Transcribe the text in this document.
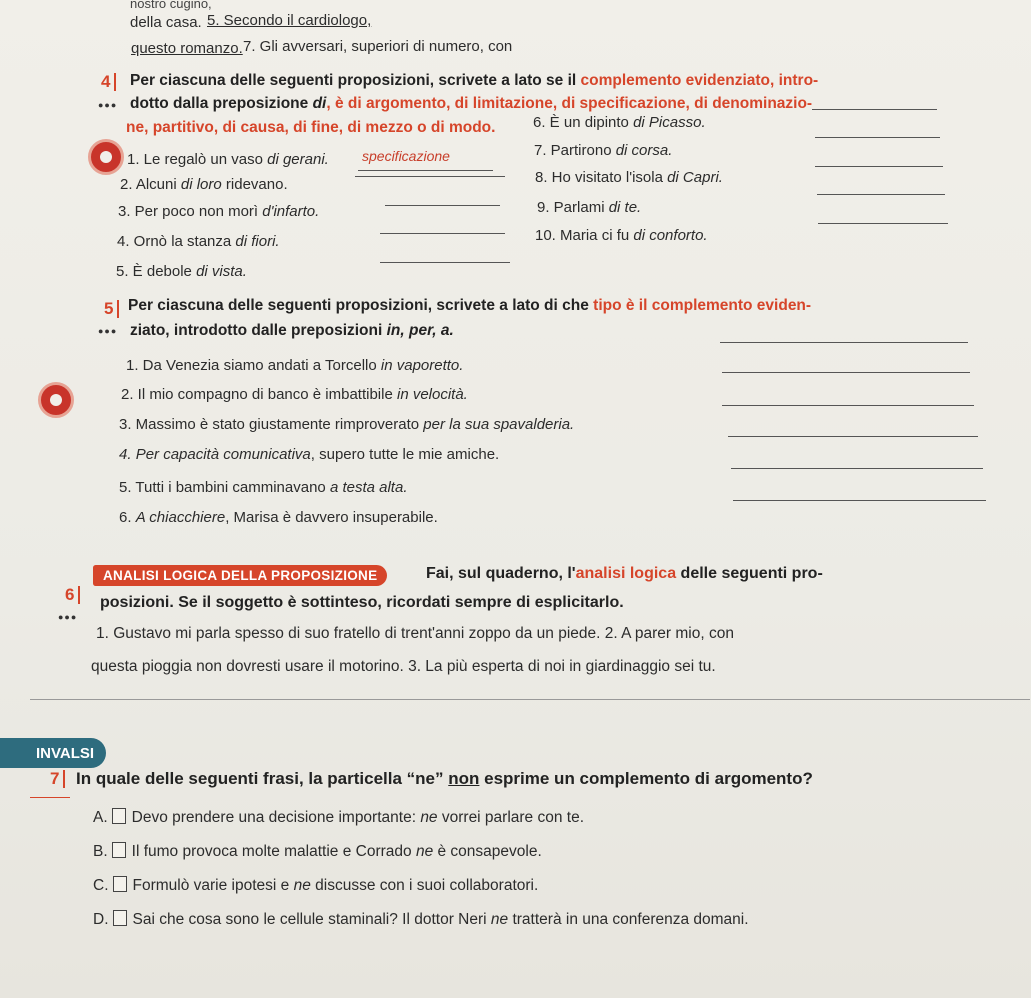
nostro cugino,
della casa. 5. Secondo il cardiologo,
questo romanzo. 7. Gli avversari, superiori di numero, con
4
●●●
Per ciascuna delle seguenti proposizioni, scrivete a lato se il complemento evidenziato, intro-
dotto dalla preposizione di, è di argomento, di limitazione, di specificazione, di denominazio-
ne, partitivo, di causa, di fine, di mezzo o di modo.
1. Le regalò un vaso di gerani. specificazione
2. Alcuni di loro ridevano.
3. Per poco non morì d'infarto.
4. Ornò la stanza di fiori.
5. È debole di vista.
6. È un dipinto di Picasso.
7. Partirono di corsa.
8. Ho visitato l'isola di Capri.
9. Parlami di te.
10. Maria ci fu di conforto.
5
●●●
Per ciascuna delle seguenti proposizioni, scrivete a lato di che tipo è il complemento eviden-
ziato, introdotto dalle preposizioni in, per, a.
1. Da Venezia siamo andati a Torcello in vaporetto.
2. Il mio compagno di banco è imbattibile in velocità.
3. Massimo è stato giustamente rimproverato per la sua spavalderia.
4. Per capacità comunicativa, supero tutte le mie amiche.
5. Tutti i bambini camminavano a testa alta.
6. A chiacchiere, Marisa è davvero insuperabile.
6
●●●
ANALISI LOGICA DELLA PROPOSIZIONE	Fai, sul quaderno, l'analisi logica delle seguenti pro-
posizioni. Se il soggetto è sottinteso, ricordati sempre di esplicitarlo.
1. Gustavo mi parla spesso di suo fratello di trent'anni zoppo da un piede. 2. A parer mio, con
questa pioggia non dovresti usare il motorino. 3. La più esperta di noi in giardinaggio sei tu.
INVALSI
7 In quale delle seguenti frasi, la particella “ne” non esprime un complemento di argomento?
A. Devo prendere una decisione importante: ne vorrei parlare con te.
B. Il fumo provoca molte malattie e Corrado ne è consapevole.
C. Formulò varie ipotesi e ne discusse con i suoi collaboratori.
D. Sai che cosa sono le cellule staminali? Il dottor Neri ne tratterà in una conferenza domani.
